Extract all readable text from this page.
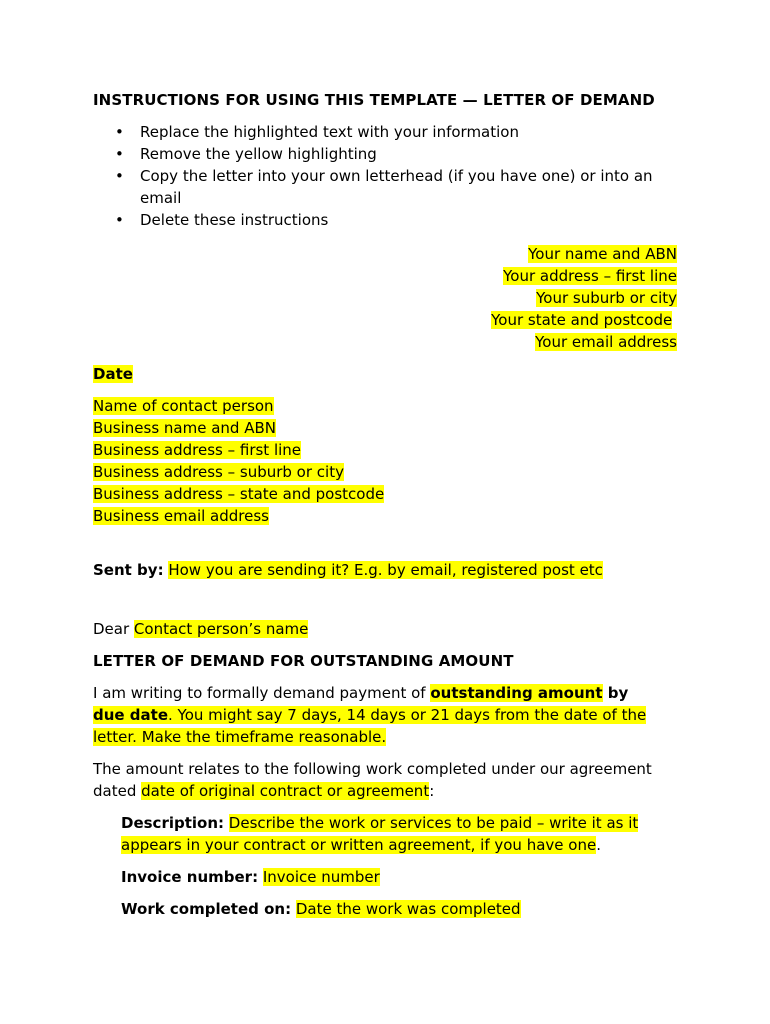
INSTRUCTIONS FOR USING THIS TEMPLATE — LETTER OF DEMAND
• Replace the highlighted text with your information
• Remove the yellow highlighting
• Copy the letter into your own letterhead (if you have one) or into an
email
• Delete these instructions
Your name and ABN
Your address – first line
Your suburb or city
Your state and postcode
Your email address
Date
Name of contact person
Business name and ABN
Business address – first line
Business address – suburb or city
Business address – state and postcode
Business email address
Sent by: How you are sending it? E.g. by email, registered post etc
Dear Contact person’s name
LETTER OF DEMAND FOR OUTSTANDING AMOUNT
I am writing to formally demand payment of outstanding amount by
due date. You might say 7 days, 14 days or 21 days from the date of the
letter. Make the timeframe reasonable.
The amount relates to the following work completed under our agreement
dated date of original contract or agreement:
Description: Describe the work or services to be paid – write it as it
appears in your contract or written agreement, if you have one.
Invoice number: Invoice number
Work completed on: Date the work was completed
